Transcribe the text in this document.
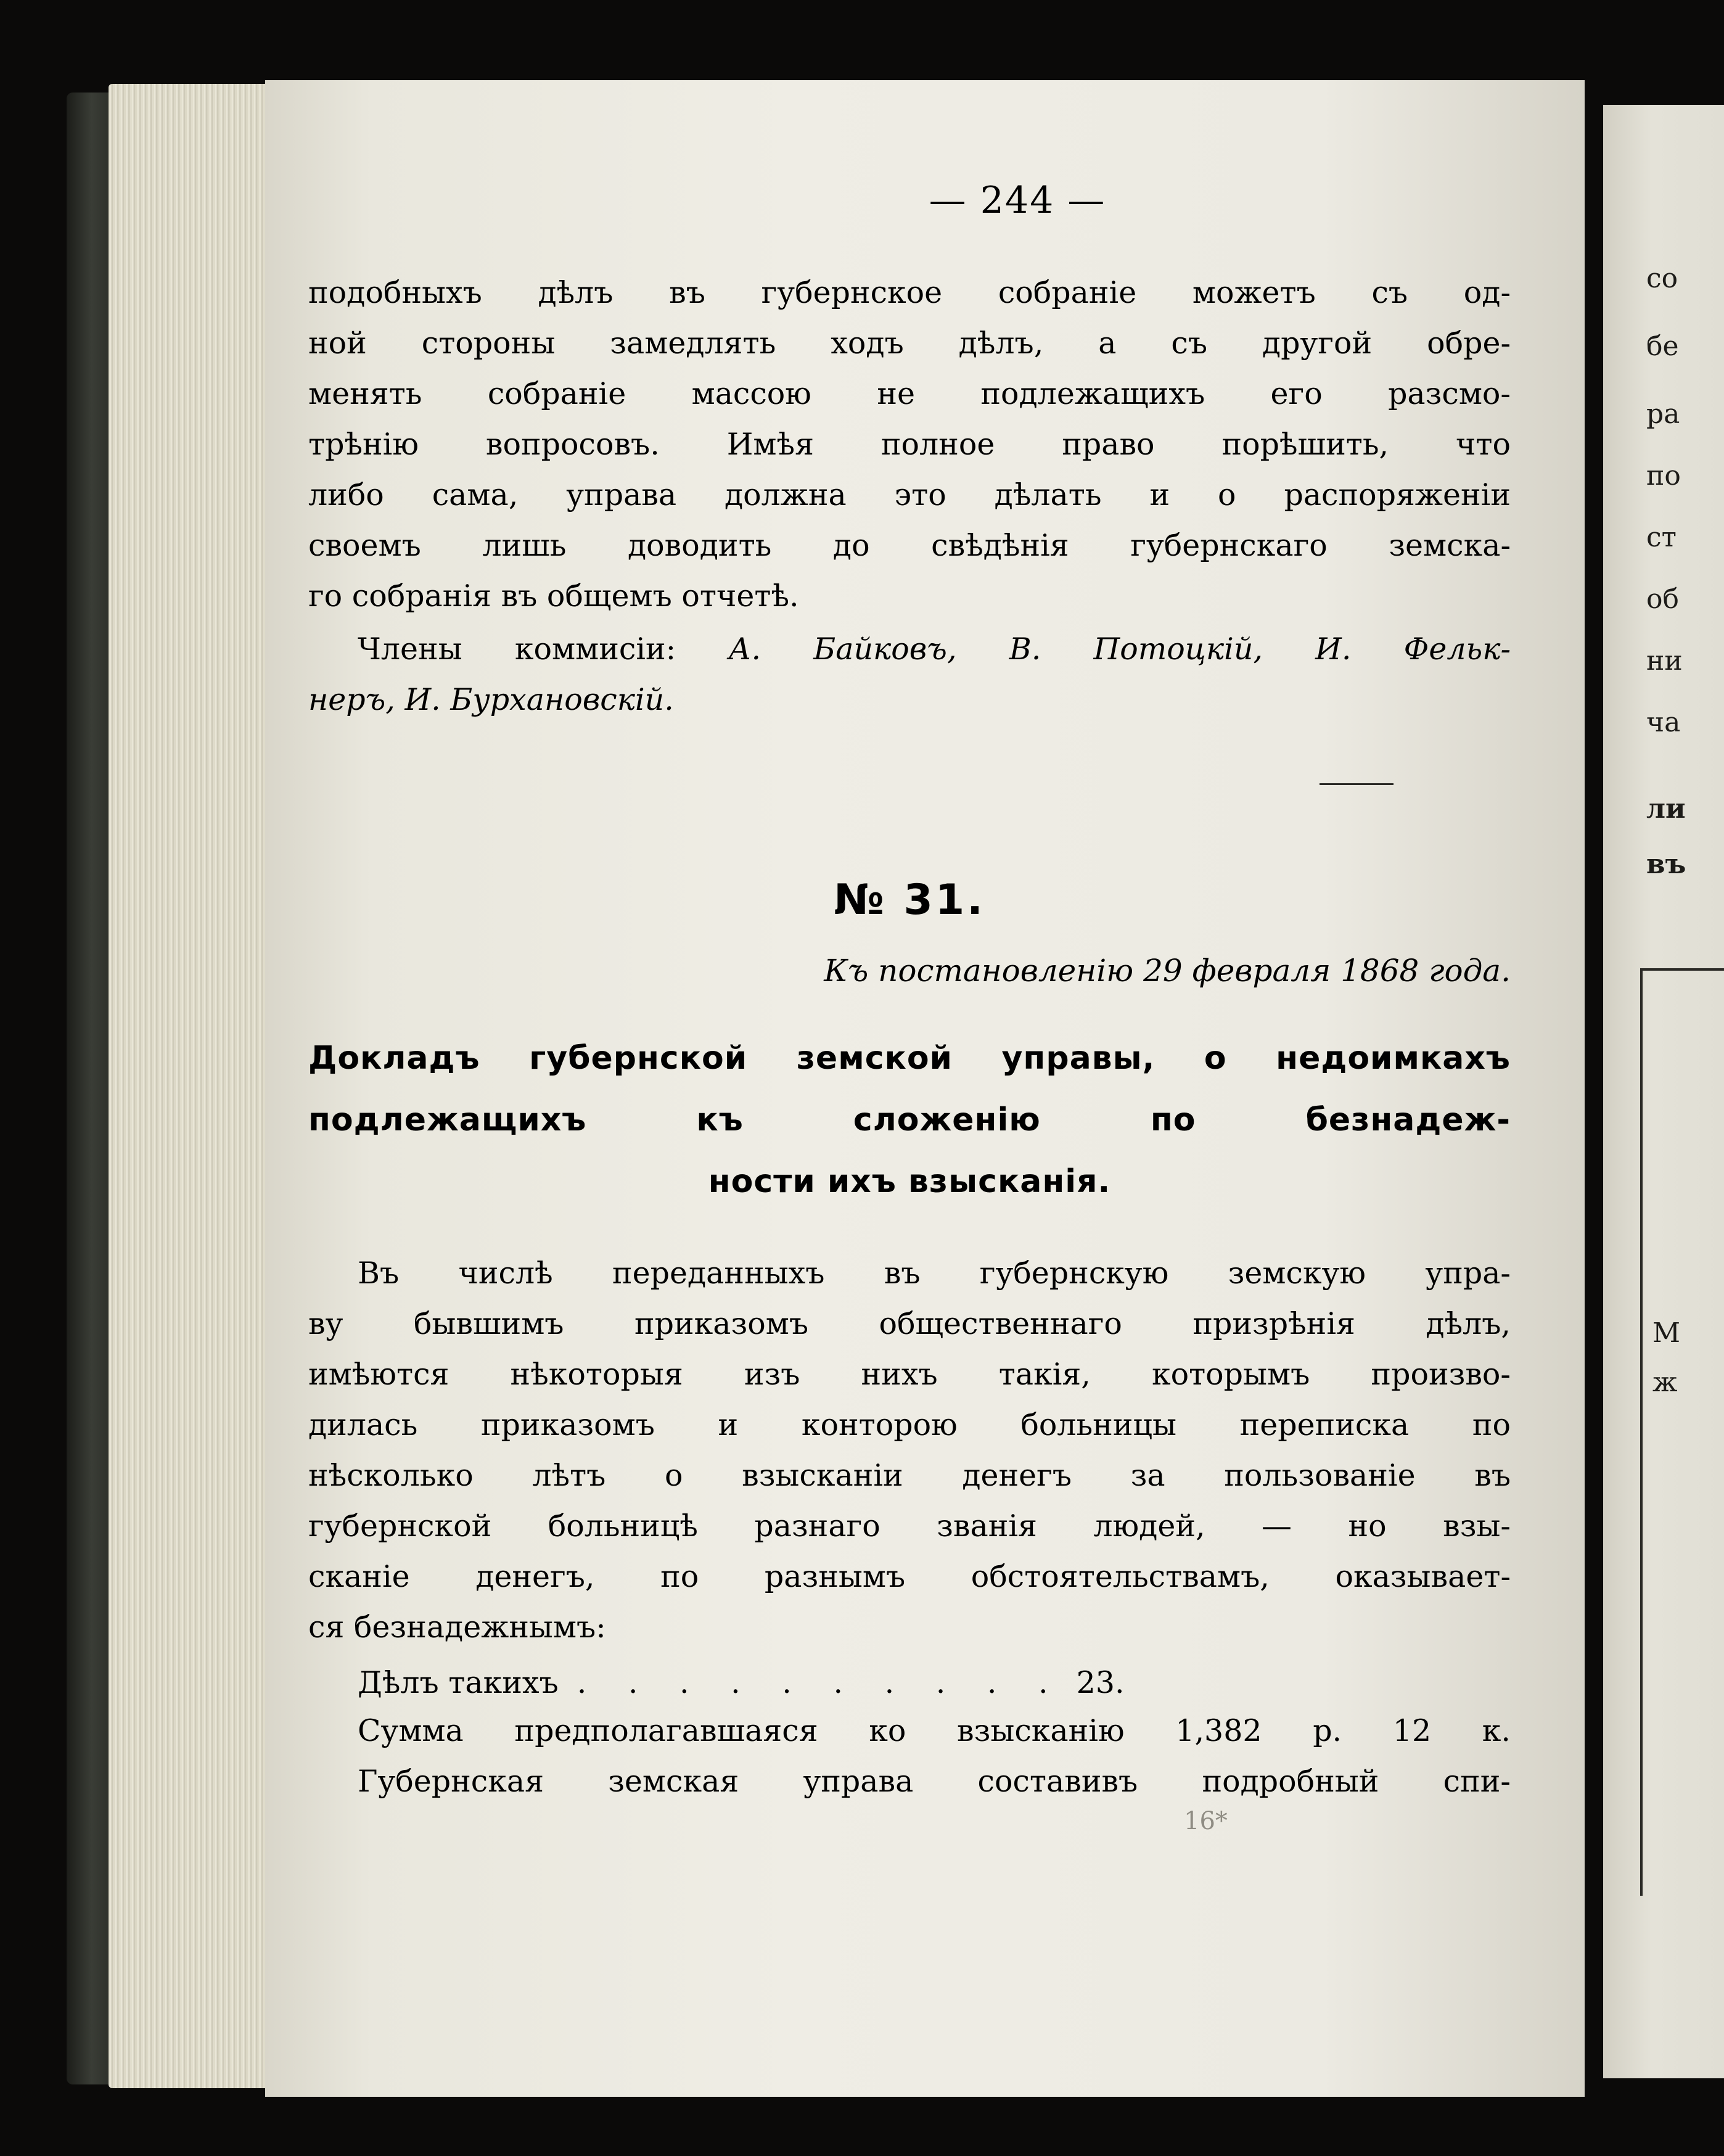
со
бе
ра
по
ст
об
ни
ча
ли
въ
М
ж
— 244 —
подобныхъ дѣлъ въ губернское собраніе можетъ съ од-
ной стороны замедлять ходъ дѣлъ, а съ другой обре-
менять собраніе массою не подлежащихъ его разсмо-
трѣнію вопросовъ. Имѣя полное право порѣшить, что
либо сама, управа должна это дѣлать и о распоряженіи
своемъ лишь доводить до свѣдѣнія губернскаго земска-
го собранія въ общемъ отчетѣ.
Члены коммисіи: А. Байковъ, В. Потоцкій, И. Фельк-
неръ, И. Бурхановскій.
№ 31.
Къ постановленію 29 февраля 1868 года.
Докладъ губернской земской управы, о недоимкахъ
подлежащихъ къ сложенію по безнадеж-
ности ихъ взысканія.
Въ числѣ переданныхъ въ губернскую земскую упра-
ву бывшимъ приказомъ общественнаго призрѣнія дѣлъ,
имѣются нѣкоторыя изъ нихъ такія, которымъ произво-
дилась приказомъ и конторою больницы переписка по
нѣсколько лѣтъ о взысканіи денегъ за пользованіе въ
губернской больницѣ разнаго званія людей, — но взы-
сканіе денегъ, по разнымъ обстоятельствамъ, оказывает-
ся безнадежнымъ:
Дѣлъ такихъ . . . . . . . . . . 23.
Сумма предполагавшаяся ко взысканію 1,382 р. 12 к.
Губернская земская управа составивъ подробный спи-
16*
